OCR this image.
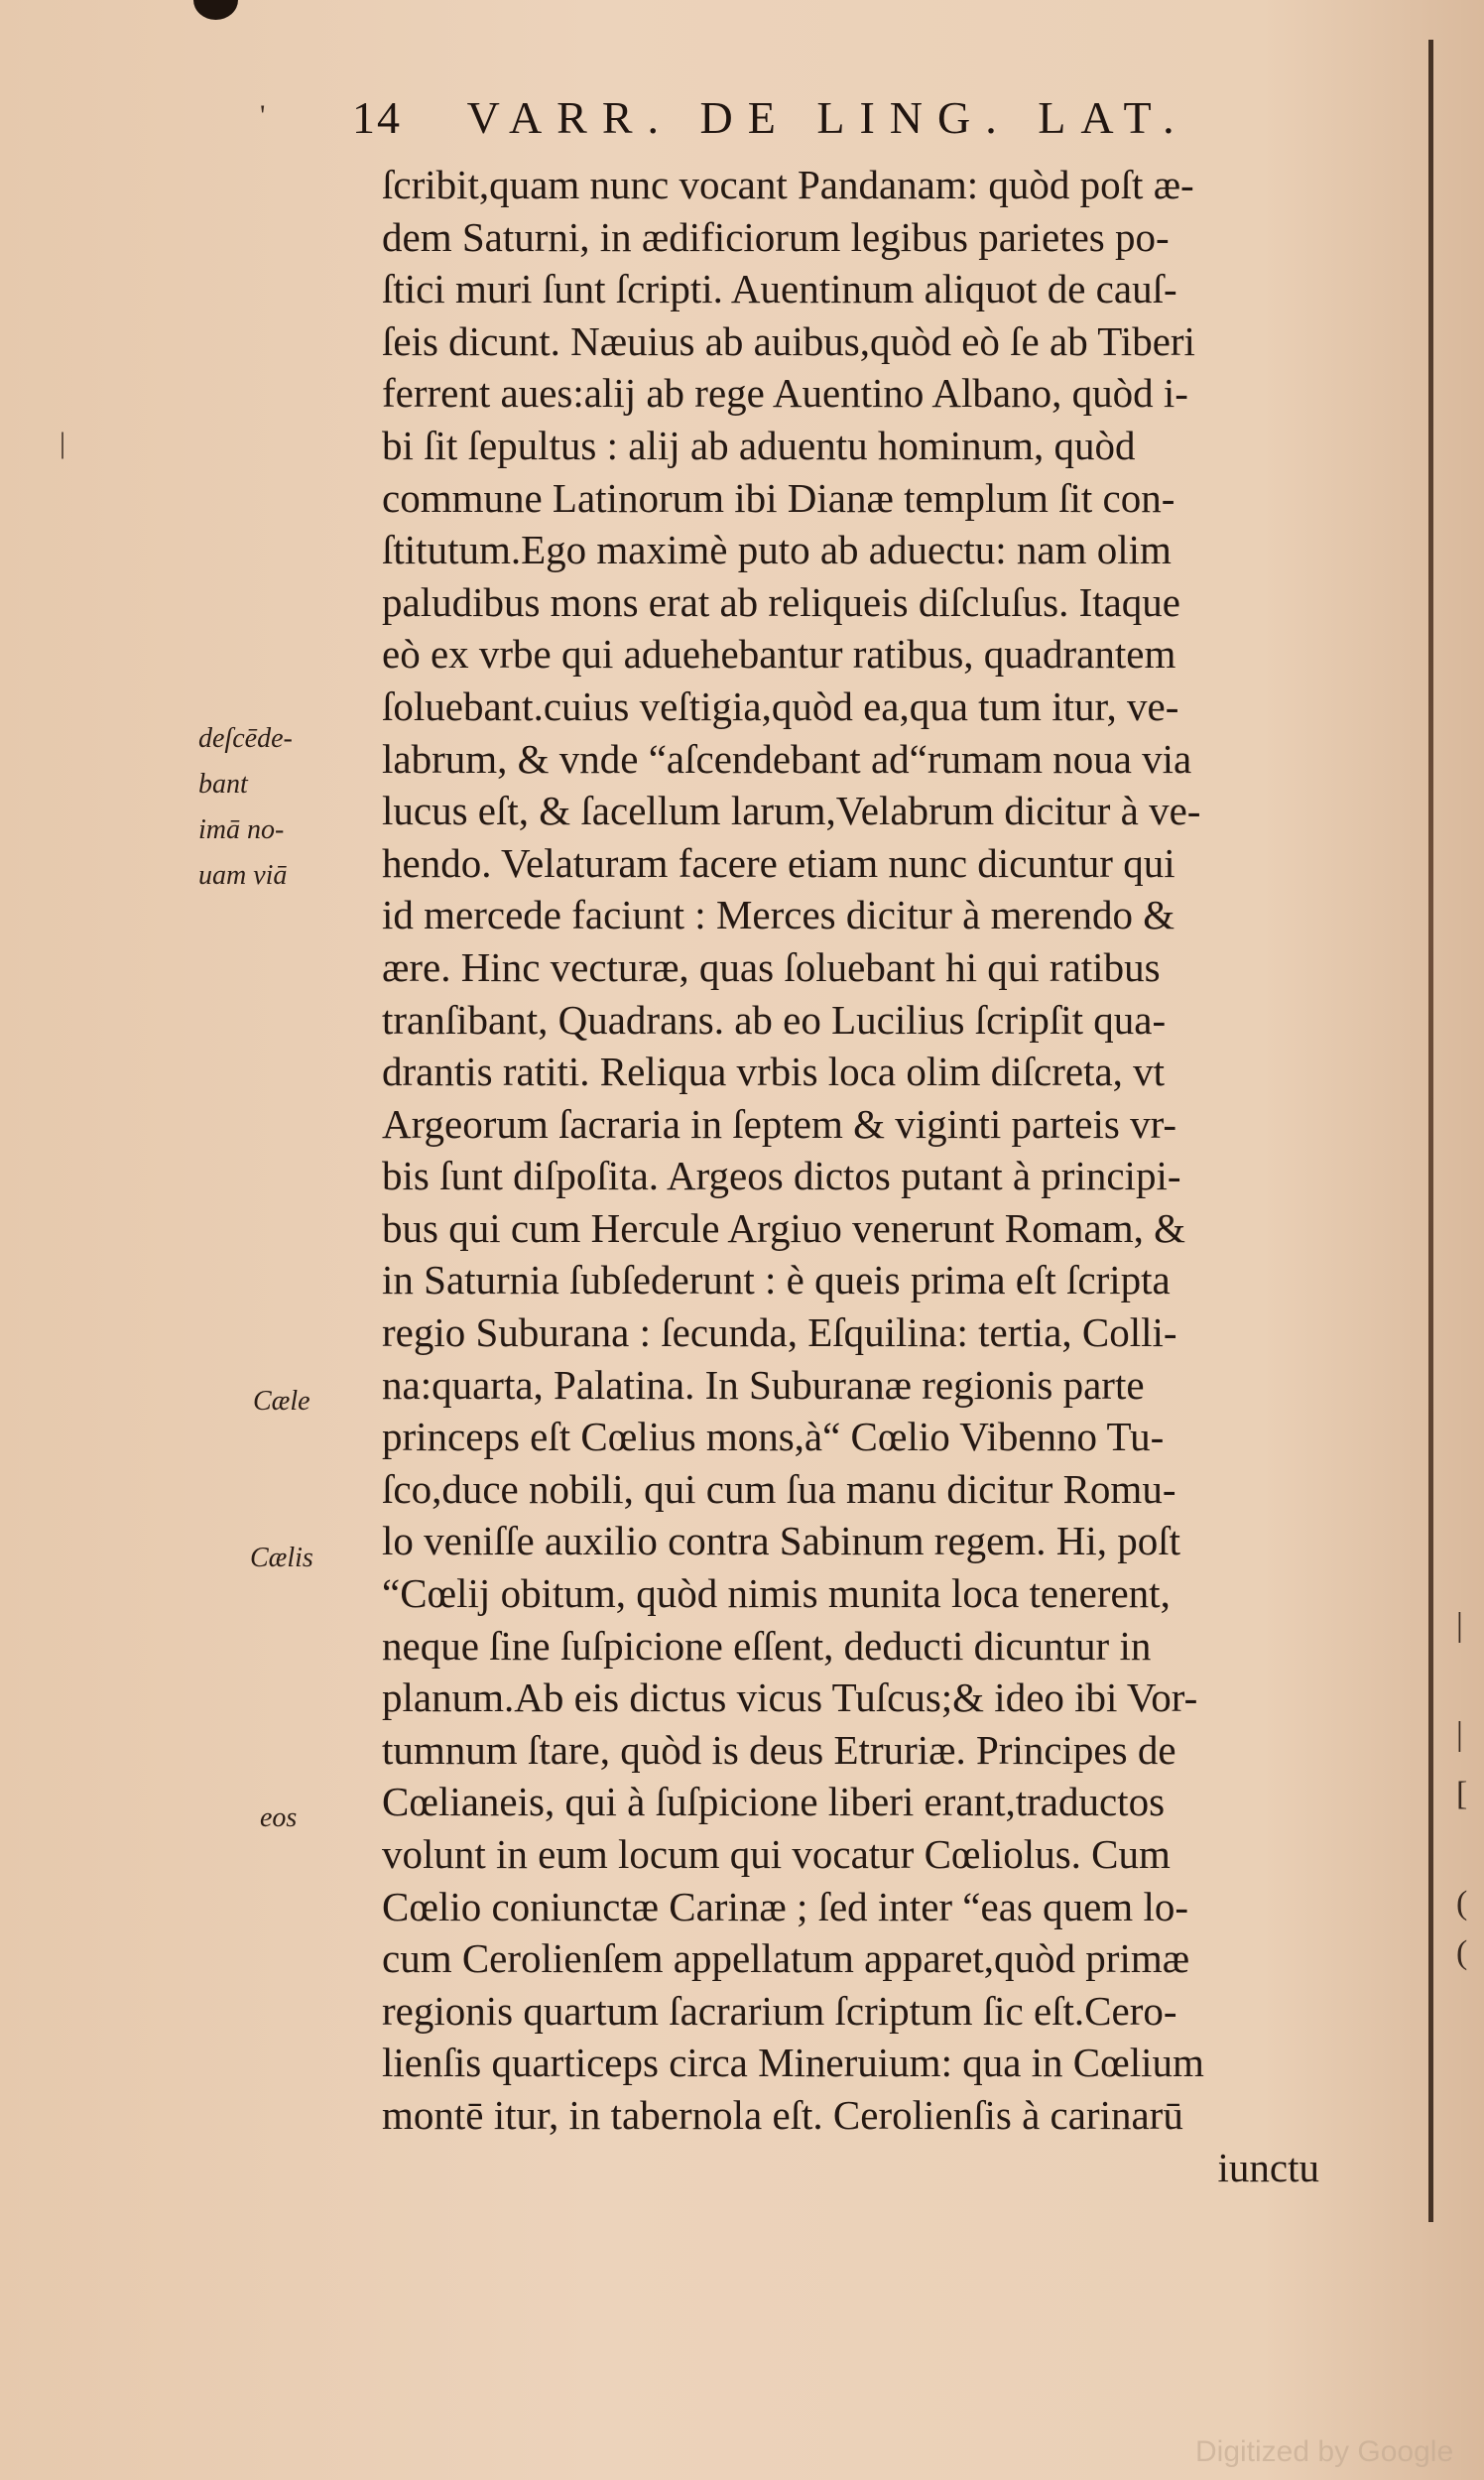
'
|
14 VARR. DE LING. LAT.
ſcribit,quam nunc vocant Pandanam: quòd poſt æ-
dem Saturni, in ædificiorum legibus parietes po-
ſtici muri ſunt ſcripti. Auentinum aliquot de cauſ-
ſeis dicunt. Næuius ab auibus,quòd eò ſe ab Tiberi
ferrent aues:alij ab rege Auentino Albano, quòd i-
bi ſit ſepultus : alij ab aduentu hominum, quòd
commune Latinorum ibi Dianæ templum ſit con-
ſtitutum.Ego maximè puto ab aduectu: nam olim
paludibus mons erat ab reliqueis diſcluſus. Itaque
eò ex vrbe qui aduehebantur ratibus, quadrantem
ſoluebant.cuius veſtigia,quòd ea,qua tum itur, ve-
labrum, & vnde “aſcendebant ad“rumam noua via
lucus eſt, & ſacellum larum,Velabrum dicitur à ve-
hendo. Velaturam facere etiam nunc dicuntur qui
id mercede faciunt : Merces dicitur à merendo &
ære. Hinc vecturæ, quas ſoluebant hi qui ratibus
tranſibant, Quadrans. ab eo Lucilius ſcripſit qua-
drantis ratiti. Reliqua vrbis loca olim diſcreta, vt
Argeorum ſacraria in ſeptem & viginti parteis vr-
bis ſunt diſpoſita. Argeos dictos putant à principi-
bus qui cum Hercule Argiuo venerunt Romam, &
in Saturnia ſubſederunt : è queis prima eſt ſcripta
regio Suburana : ſecunda, Eſquilina: tertia, Colli-
na:quarta, Palatina. In Suburanæ regionis parte
princeps eſt Cœlius mons,à“ Cœlio Vibenno Tu-
ſco,duce nobili, qui cum ſua manu dicitur Romu-
lo veniſſe auxilio contra Sabinum regem. Hi, poſt
“Cœlij obitum, quòd nimis munita loca tenerent,
neque ſine ſuſpicione eſſent, deducti dicuntur in
planum.Ab eis dictus vicus Tuſcus;& ideo ibi Vor-
tumnum ſtare, quòd is deus Etruriæ. Principes de
Cœlianeis, qui à ſuſpicione liberi erant,traductos
volunt in eum locum qui vocatur Cœliolus. Cum
Cœlio coniunctæ Carinæ ; ſed inter “eas quem lo-
cum Cerolienſem appellatum apparet,quòd primæ
regionis quartum ſacrarium ſcriptum ſic eſt.Cero-
lienſis quarticeps circa Mineruium: qua in Cœlium
montē itur, in tabernola eſt. Cerolienſis à carinarū
iunctu
deſcēde-
bant
imā no-
uam viā
Cæle
Cælis
eos
|
|
[
(
(
Digitized by Google
